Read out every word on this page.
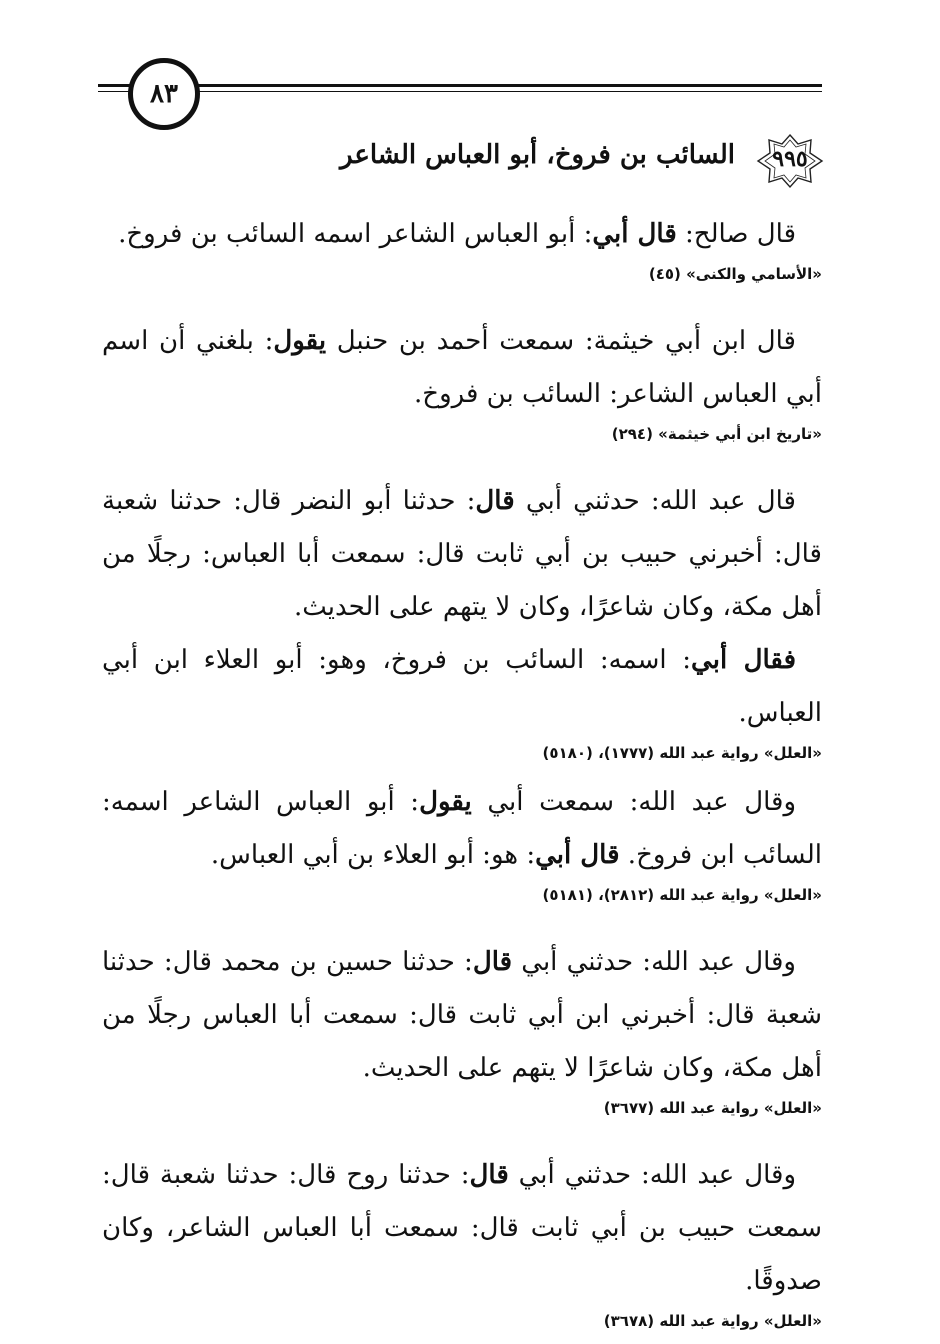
٨٣
٩٩٥
السائب بن فروخ، أبو العباس الشاعر

قال صالح: قال أبي: أبو العباس الشاعر اسمه السائب بن فروخ.

«الأسامي والكنى» (٤٥)

قال ابن أبي خيثمة: سمعت أحمد بن حنبل يقول: بلغني أن اسم أبي العباس الشاعر: السائب بن فروخ.

«تاريخ ابن أبي خيثمة» (٢٩٤)

قال عبد الله: حدثني أبي قال: حدثنا أبو النضر قال: حدثنا شعبة قال: أخبرني حبيب بن أبي ثابت قال: سمعت أبا العباس: رجلًا من أهل مكة، وكان شاعرًا، وكان لا يتهم على الحديث.

فقال أبي: اسمه: السائب بن فروخ، وهو: أبو العلاء ابن أبي العباس.

«العلل» رواية عبد الله (١٧٧٧)، (٥١٨٠)

وقال عبد الله: سمعت أبي يقول: أبو العباس الشاعر اسمه: السائب ابن فروخ. قال أبي: هو: أبو العلاء بن أبي العباس.

«العلل» رواية عبد الله (٢٨١٢)، (٥١٨١)

وقال عبد الله: حدثني أبي قال: حدثنا حسين بن محمد قال: حدثنا شعبة قال: أخبرني ابن أبي ثابت قال: سمعت أبا العباس رجلًا من أهل مكة، وكان شاعرًا لا يتهم على الحديث.

«العلل» رواية عبد الله (٣٦٧٧)

وقال عبد الله: حدثني أبي قال: حدثنا روح قال: حدثنا شعبة قال: سمعت حبيب بن أبي ثابت قال: سمعت أبا العباس الشاعر، وكان صدوقًا.

«العلل» رواية عبد الله (٣٦٧٨)
